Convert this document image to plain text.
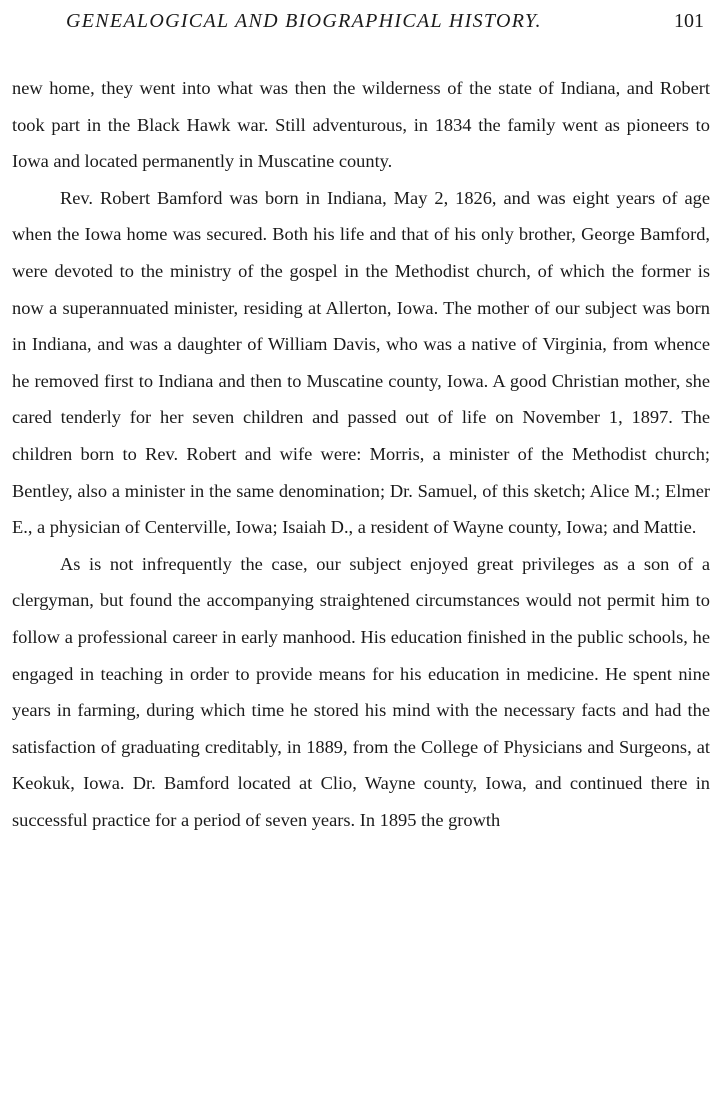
GENEALOGICAL AND BIOGRAPHICAL HISTORY.	101

new home, they went into what was then the wilderness of the state of Indiana, and Robert took part in the Black Hawk war. Still adventurous, in 1834 the family went as pioneers to Iowa and located permanently in Muscatine county.

Rev. Robert Bamford was born in Indiana, May 2, 1826, and was eight years of age when the Iowa home was secured. Both his life and that of his only brother, George Bamford, were devoted to the ministry of the gospel in the Methodist church, of which the former is now a superannuated minister, residing at Allerton, Iowa. The mother of our subject was born in Indiana, and was a daughter of William Davis, who was a native of Virginia, from whence he removed first to Indiana and then to Muscatine county, Iowa. A good Christian mother, she cared tenderly for her seven children and passed out of life on November 1, 1897. The children born to Rev. Robert and wife were: Morris, a minister of the Methodist church; Bentley, also a minister in the same denomination; Dr. Samuel, of this sketch; Alice M.; Elmer E., a physician of Centerville, Iowa; Isaiah D., a resident of Wayne county, Iowa; and Mattie.

As is not infrequently the case, our subject enjoyed great privileges as a son of a clergyman, but found the accompanying straightened circumstances would not permit him to follow a professional career in early manhood. His education finished in the public schools, he engaged in teaching in order to provide means for his education in medicine. He spent nine years in farming, during which time he stored his mind with the necessary facts and had the satisfaction of graduating creditably, in 1889, from the College of Physicians and Surgeons, at Keokuk, Iowa. Dr. Bamford located at Clio, Wayne county, Iowa, and continued there in successful practice for a period of seven years. In 1895 the growth
